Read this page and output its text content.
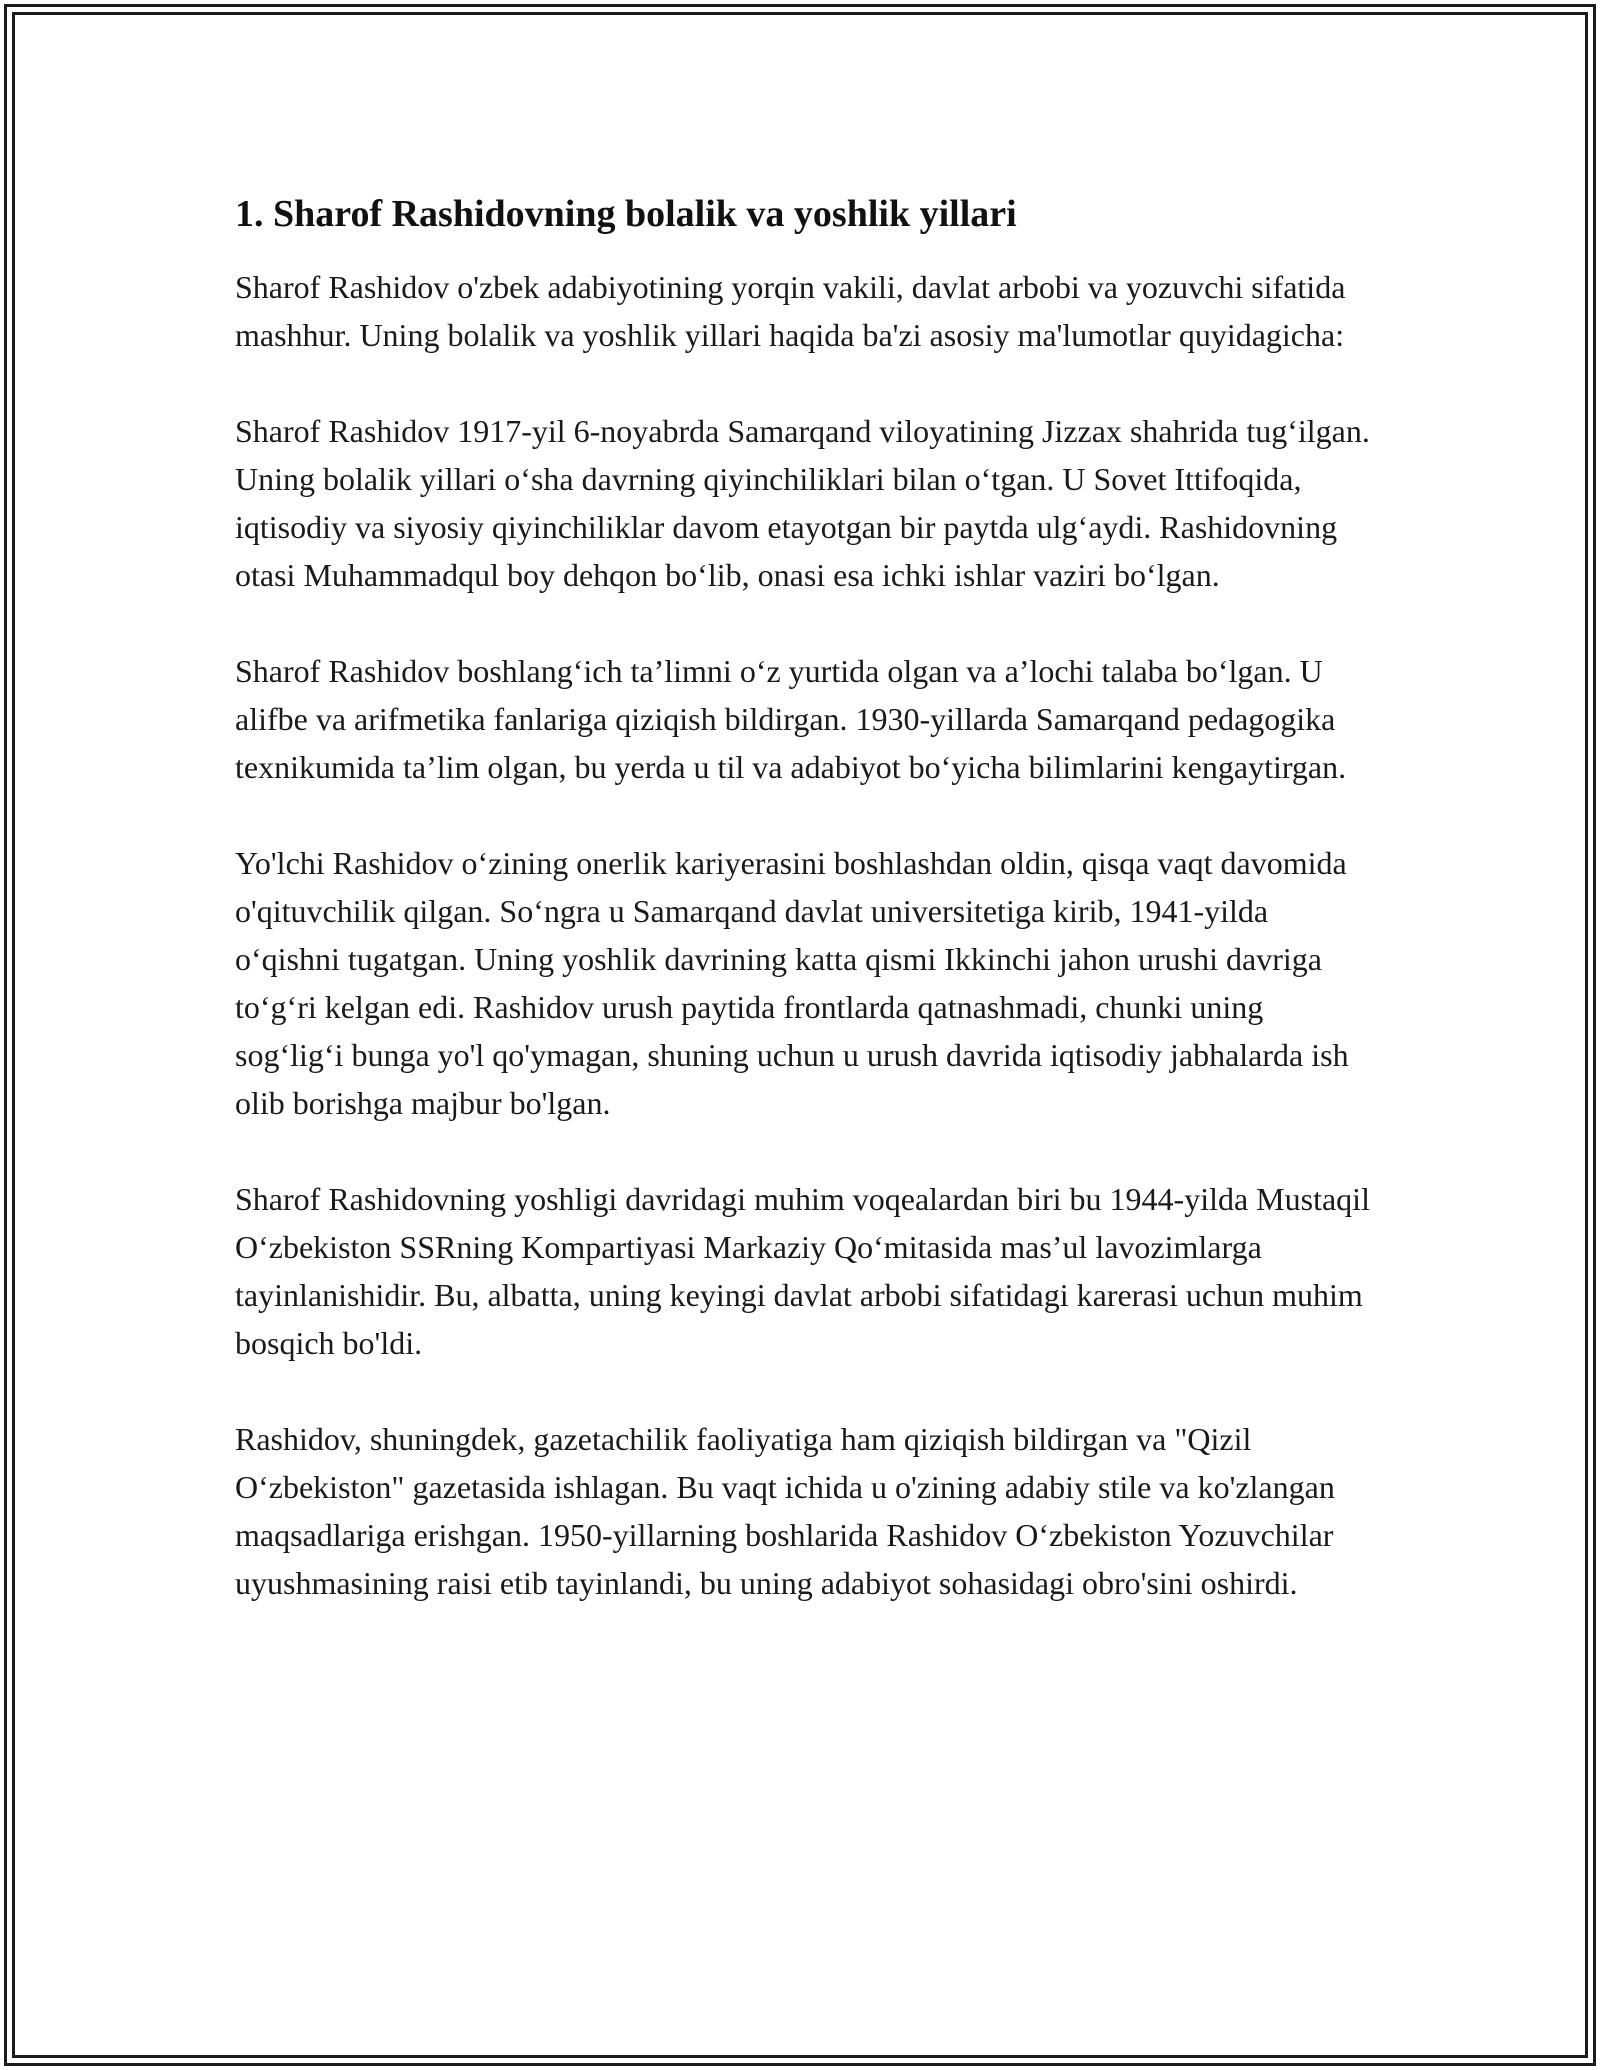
1. Sharof Rashidovning bolalik va yoshlik yillari

Sharof Rashidov o'zbek adabiyotining yorqin vakili, davlat arbobi va yozuvchi sifatida mashhur. Uning bolalik va yoshlik yillari haqida ba'zi asosiy ma'lumotlar quyidagicha:

Sharof Rashidov 1917-yil 6-noyabrda Samarqand viloyatining Jizzax shahrida tug‘ilgan. Uning bolalik yillari o‘sha davrning qiyinchiliklari bilan o‘tgan. U Sovet Ittifoqida, iqtisodiy va siyosiy qiyinchiliklar davom etayotgan bir paytda ulg‘aydi. Rashidovning otasi Muhammadqul boy dehqon bo‘lib, onasi esa ichki ishlar vaziri bo‘lgan.

Sharof Rashidov boshlang‘ich ta’limni o‘z yurtida olgan va a’lochi talaba bo‘lgan. U alifbe va arifmetika fanlariga qiziqish bildirgan. 1930-yillarda Samarqand pedagogika texnikumida ta’lim olgan, bu yerda u til va adabiyot bo‘yicha bilimlarini kengaytirgan.

Yo'lchi Rashidov o‘zining onerlik kariyerasini boshlashdan oldin, qisqa vaqt davomida o'qituvchilik qilgan. So‘ngra u Samarqand davlat universitetiga kirib, 1941-yilda o‘qishni tugatgan. Uning yoshlik davrining katta qismi Ikkinchi jahon urushi davriga to‘g‘ri kelgan edi. Rashidov urush paytida frontlarda qatnashmadi, chunki uning sog‘lig‘i bunga yo'l qo'ymagan, shuning uchun u urush davrida iqtisodiy jabhalarda ish olib borishga majbur bo'lgan.

Sharof Rashidovning yoshligi davridagi muhim voqealardan biri bu 1944-yilda Mustaqil O‘zbekiston SSRning Kompartiyasi Markaziy Qo‘mitasida mas’ul lavozimlarga tayinlanishidir. Bu, albatta, uning keyingi davlat arbobi sifatidagi karerasi uchun muhim bosqich bo'ldi.

Rashidov, shuningdek, gazetachilik faoliyatiga ham qiziqish bildirgan va "Qizil O‘zbekiston" gazetasida ishlagan. Bu vaqt ichida u o'zining adabiy stile va ko'zlangan maqsadlariga erishgan. 1950-yillarning boshlarida Rashidov O‘zbekiston Yozuvchilar uyushmasining raisi etib tayinlandi, bu uning adabiyot sohasidagi obro'sini oshirdi.
